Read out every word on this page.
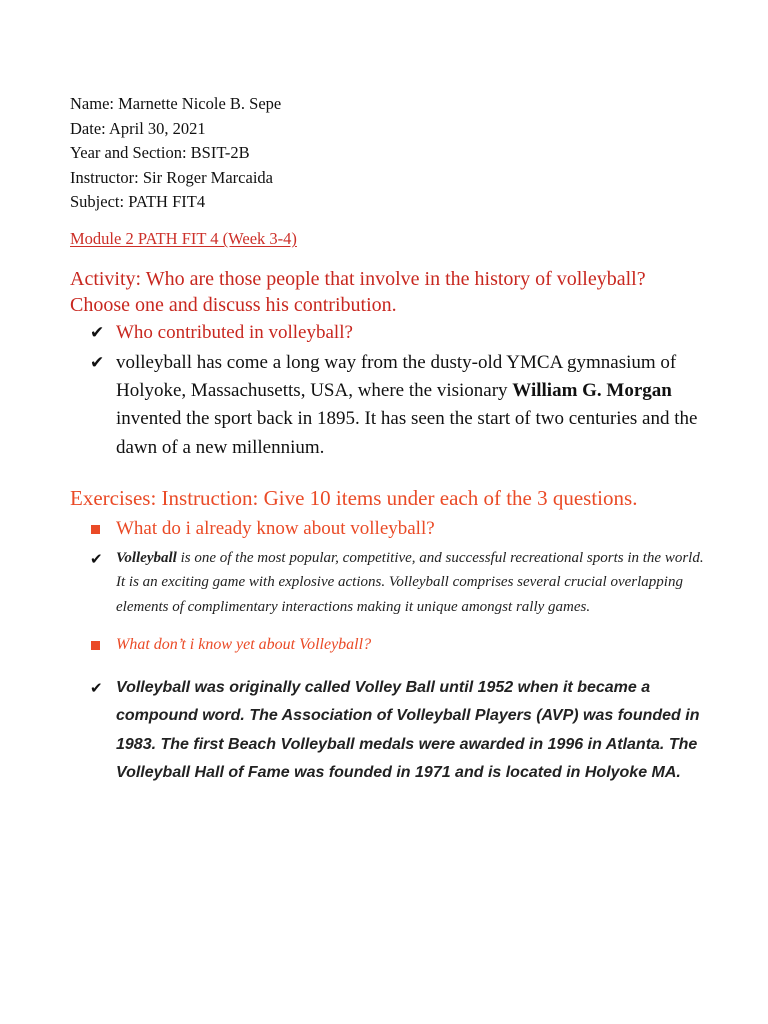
Name: Marnette Nicole B. Sepe
Date: April 30, 2021
Year and Section: BSIT-2B
Instructor: Sir Roger Marcaida
Subject: PATH FIT4
Module 2 PATH FIT 4 (Week 3-4)

Activity: Who are those people that involve in the history of volleyball?

Choose one and discuss his contribution.

✔ Who contributed in volleyball?
✔ volleyball has come a long way from the dusty-old YMCA gymnasium of Holyoke, Massachusetts, USA, where the visionary William G. Morgan invented the sport back in 1895. It has seen the start of two centuries and the dawn of a new millennium.

Exercises: Instruction: Give 10 items under each of the 3 questions.

What do i already know about volleyball?
✔ Volleyball is one of the most popular, competitive, and successful recreational sports in the world. It is an exciting game with explosive actions. Volleyball comprises several crucial overlapping elements of complimentary interactions making it unique amongst rally games.
What don’t i know yet about Volleyball?
✔ Volleyball was originally called Volley Ball until 1952 when it became a compound word. The Association of Volleyball Players (AVP) was founded in 1983. The first Beach Volleyball medals were awarded in 1996 in Atlanta. The Volleyball Hall of Fame was founded in 1971 and is located in Holyoke MA.
